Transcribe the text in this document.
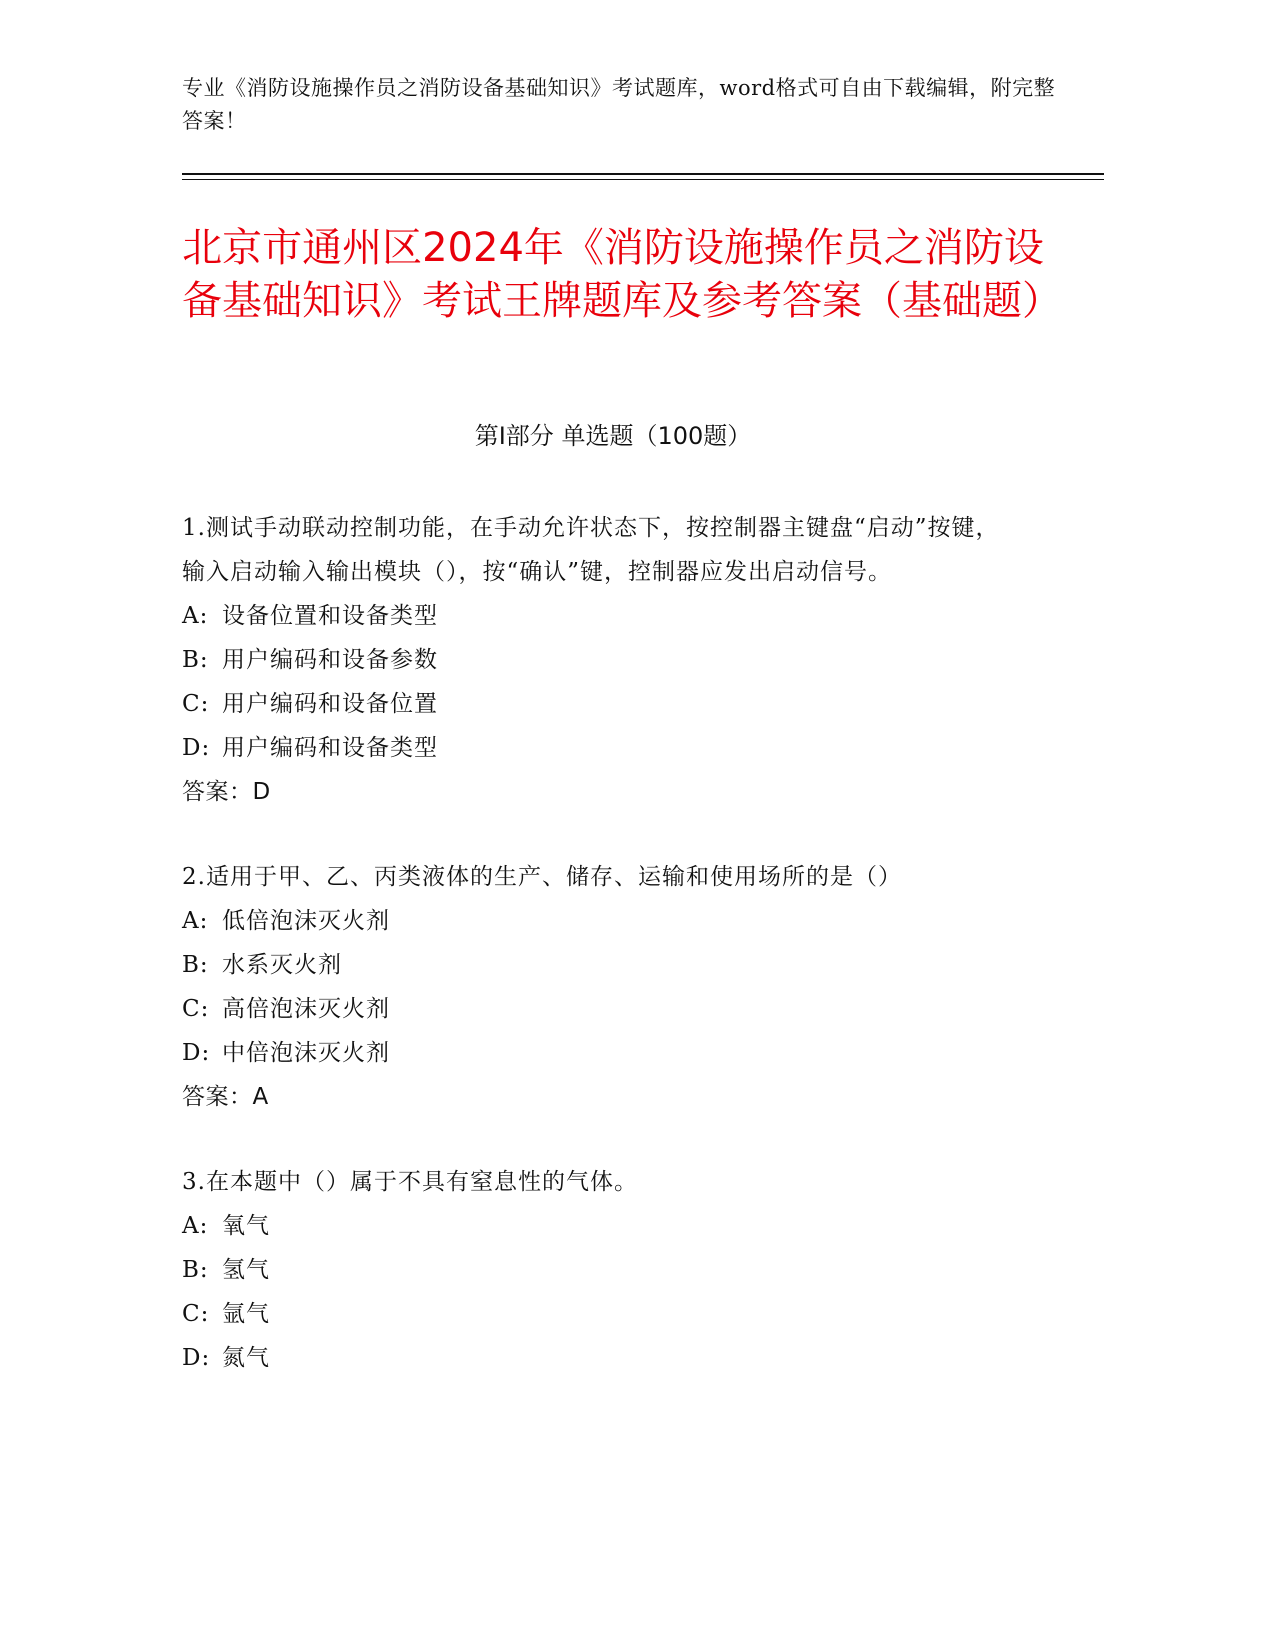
专业《消防设施操作员之消防设备基础知识》考试题库，word格式可自由下载编辑，附完整答案！
北京市通州区2024年《消防设施操作员之消防设备基础知识》考试王牌题库及参考答案（基础题）
第I部分 单选题（100题）
1.测试手动联动控制功能，在手动允许状态下，按控制器主键盘“启动”按键，输入启动输入输出模块（），按“确认”键，控制器应发出启动信号。
A: 设备位置和设备类型
B: 用户编码和设备参数
C: 用户编码和设备位置
D: 用户编码和设备类型
答案：D
2.适用于甲、乙、丙类液体的生产、储存、运输和使用场所的是（）
A: 低倍泡沫灭火剂
B: 水系灭火剂
C: 高倍泡沫灭火剂
D: 中倍泡沫灭火剂
答案：A
3.在本题中（）属于不具有窒息性的气体。
A: 氧气
B: 氢气
C: 氩气
D: 氮气
